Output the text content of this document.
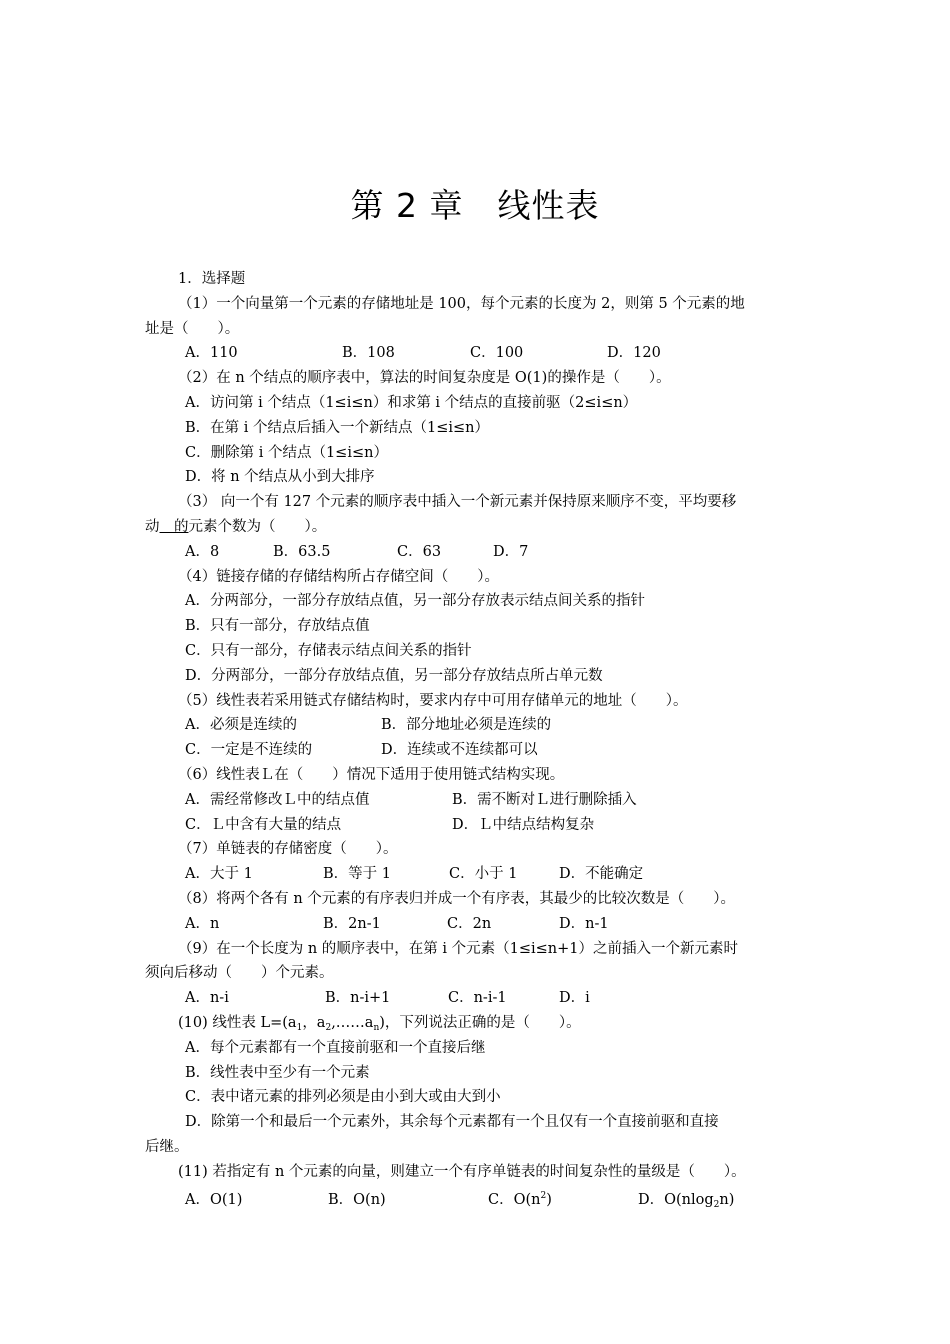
第 2 章　线性表
1．选择题
（1）一个向量第一个元素的存储地址是 100，每个元素的长度为 2，则第 5 个元素的地
址是（　　）。
A．110	B．108	C．100	D．120
（2）在 n 个结点的顺序表中，算法的时间复杂度是 O(1)的操作是（　　）。
A．访问第 i 个结点（1≤i≤n）和求第 i 个结点的直接前驱（2≤i≤n）
B．在第 i 个结点后插入一个新结点（1≤i≤n）
C．删除第 i 个结点（1≤i≤n）
D．将 n 个结点从小到大排序
（3） 向一个有 127 个元素的顺序表中插入一个新元素并保持原来顺序不变，平均要移
动　的元素个数为（　　）。
A．8	B．63.5	C．63	D．7
（4）链接存储的存储结构所占存储空间（　　）。
A．分两部分，一部分存放结点值，另一部分存放表示结点间关系的指针
B．只有一部分，存放结点值
C．只有一部分，存储表示结点间关系的指针
D．分两部分，一部分存放结点值，另一部分存放结点所占单元数
（5）线性表若采用链式存储结构时，要求内存中可用存储单元的地址（　　）。
A．必须是连续的	B．部分地址必须是连续的
C．一定是不连续的	D．连续或不连续都可以
（6）线性表Ｌ在（　　）情况下适用于使用链式结构实现。
A．需经常修改Ｌ中的结点值	B．需不断对Ｌ进行删除插入
C．Ｌ中含有大量的结点	D．Ｌ中结点结构复杂
（7）单链表的存储密度（　　）。
A．大于 1	B．等于 1	C．小于 1	D．不能确定
（8）将两个各有 n 个元素的有序表归并成一个有序表，其最少的比较次数是（　　）。
A．n	B．2n-1	C．2n	D．n-1
（9）在一个长度为 n 的顺序表中，在第 i 个元素（1≤i≤n+1）之前插入一个新元素时
须向后移动（　　）个元素。
A．n-i	B．n-i+1	C．n-i-1	D．i
(10) 线性表 $L=(a_1$，$a_2,\dots\dots a_n$)，下列说法正确的是（　　）。
A．每个元素都有一个直接前驱和一个直接后继
B．线性表中至少有一个元素
C．表中诸元素的排列必须是由小到大或由大到小
D．除第一个和最后一个元素外，其余每个元素都有一个且仅有一个直接前驱和直接
后继。
(11) 若指定有 n 个元素的向量，则建立一个有序单链表的时间复杂性的量级是（　　）。
A．O(1)	B．O(n)	C．$O(n^2)$	D．O(nlog$_2$n)
